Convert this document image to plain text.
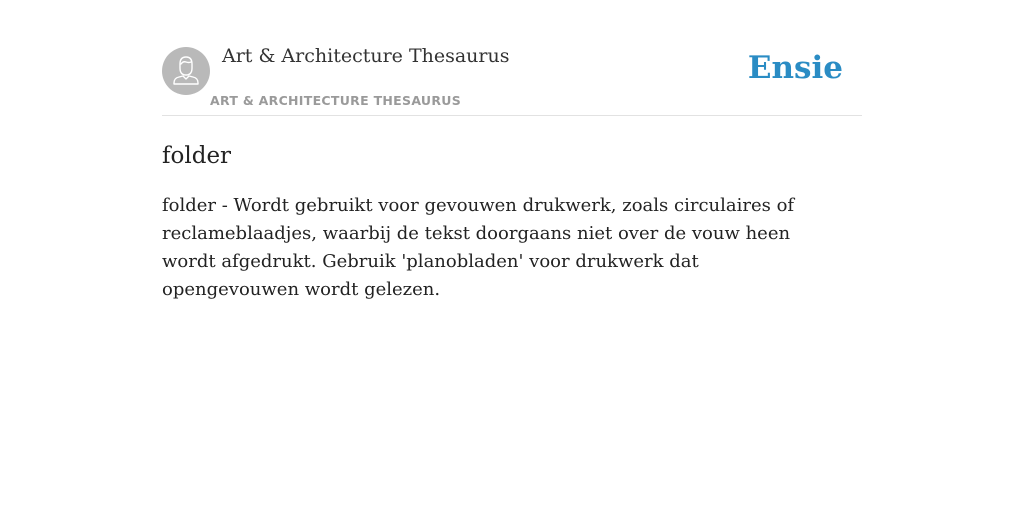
Art & Architecture Thesaurus
ART & ARCHITECTURE THESAURUS
Ensie
folder

folder - Wordt gebruikt voor gevouwen drukwerk, zoals circulaires of reclameblaadjes, waarbij de tekst doorgaans niet over de vouw heen wordt afgedrukt. Gebruik 'planobladen' voor drukwerk dat opengevouwen wordt gelezen.
